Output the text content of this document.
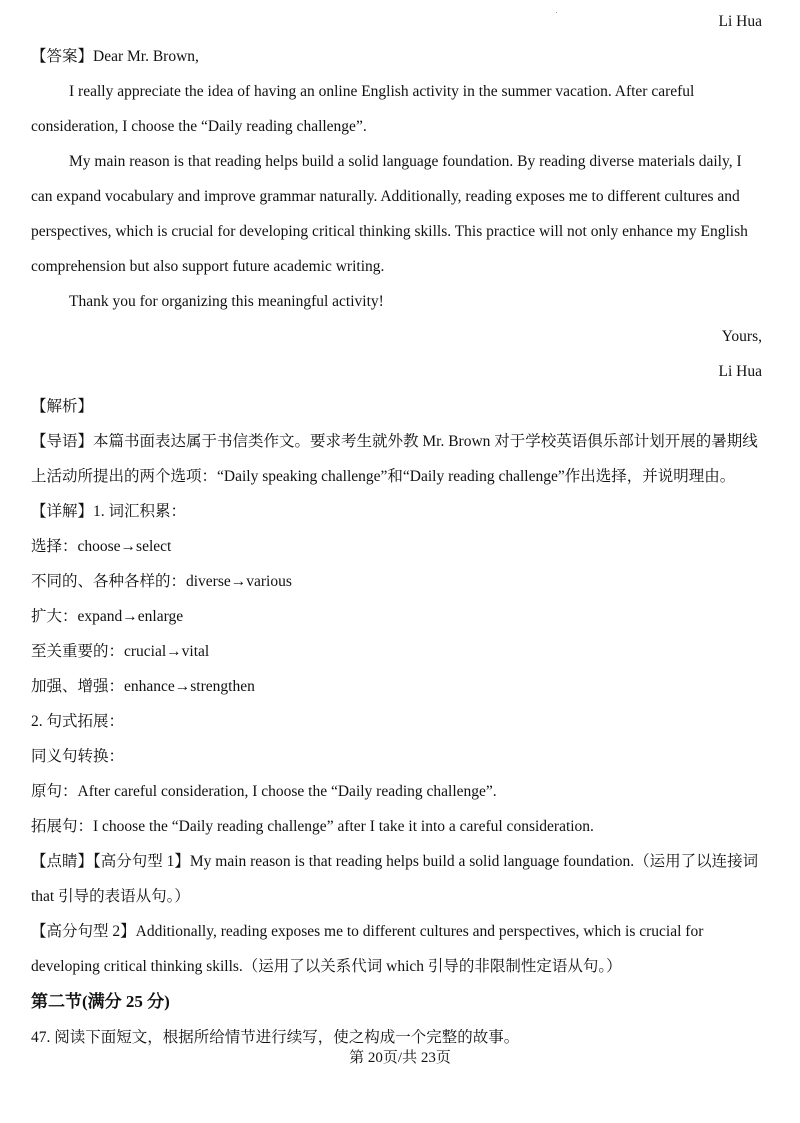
Li Hua
【答案】Dear Mr. Brown,
I really appreciate the idea of having an online English activity in the summer vacation. After careful
consideration, I choose the “Daily reading challenge”.
My main reason is that reading helps build a solid language foundation. By reading diverse materials daily, I
can expand vocabulary and improve grammar naturally. Additionally, reading exposes me to different cultures and
perspectives, which is crucial for developing critical thinking skills. This practice will not only enhance my English
comprehension but also support future academic writing.
Thank you for organizing this meaningful activity!
Yours,
Li Hua
【解析】
【导语】本篇书面表达属于书信类作文。要求考生就外教 Mr. Brown 对于学校英语俱乐部计划开展的暑期线
上活动所提出的两个选项：“Daily speaking challenge”和“Daily reading challenge”作出选择，并说明理由。
【详解】1. 词汇积累：
选择：choose→select
不同的、各种各样的：diverse→various
扩大：expand→enlarge
至关重要的：crucial→vital
加强、增强：enhance→strengthen
2. 句式拓展：
同义句转换：
原句：After careful consideration, I choose the “Daily reading challenge”.
拓展句：I choose the “Daily reading challenge” after I take it into a careful consideration.
【点睛】【高分句型 1】My main reason is that reading helps build a solid language foundation.（运用了以连接词
that 引导的表语从句。）
【高分句型 2】Additionally, reading exposes me to different cultures and perspectives, which is crucial for
developing critical thinking skills.（运用了以关系代词 which 引导的非限制性定语从句。）
第二节(满分 25 分)
47. 阅读下面短文，根据所给情节进行续写，使之构成一个完整的故事。
第 20页/共 23页
